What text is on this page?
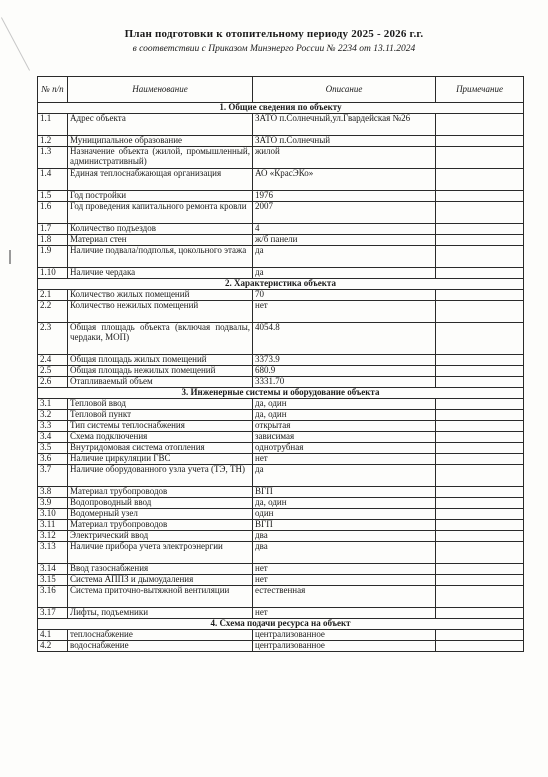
План подготовки к отопительному периоду 2025 - 2026 г.г.
в соответствии с Приказом Минэнерго России № 2234 от 13.11.2024
№ п/п	Наименование	Описание	Примечание
1. Общие сведения по объекту			
1.1	Адрес объекта	ЗАТО п.Солнечный,ул.Гвардейская №26	
1.2	Муниципальное образование	ЗАТО п.Солнечный	
1.3	Назначение объекта (жилой, промышленный, административный)	жилой	
1.4	Единая теплоснабжающая организация	АО «КрасЭКо»	
1.5	Год постройки	1976	
1.6	Год проведения капитального ремонта кровли	2007	
1.7	Количество подъездов	4	
1.8	Материал стен	ж/б панели	
1.9	Наличие подвала/подполья, цокольного этажа	да	
1.10	Наличие чердака	да	
2. Характеристика объекта			
2.1	Количество жилых помещений	70	
2.2	Количество нежилых помещений	нет	
2.3	Общая площадь объекта (включая подвалы, чердаки, МОП)	4054.8	
2.4	Общая площадь жилых помещений	3373.9	
2.5	Общая площадь нежилых помещений	680.9	
2.6	Отапливаемый объем	3331.70	
3. Инженерные системы и оборудование объекта			
3.1	Тепловой ввод	да, один	
3.2	Тепловой пункт	да, один	
3.3	Тип системы теплоснабжения	открытая	
3.4	Схема подключения	зависимая	
3.5	Внутридомовая система отопления	однотрубная	
3.6	Наличие циркуляции ГВС	нет	
3.7	Наличие оборудованного узла учета (ТЭ, ТН)	да	
3.8	Материал трубопроводов	ВГП	
3.9	Водопроводный ввод	да, один	
3.10	Водомерный узел	один	
3.11	Материал трубопроводов	ВГП	
3.12	Электрический ввод	два	
3.13	Наличие прибора учета электроэнергии	два	
3.14	Ввод газоснабжения	нет	
3.15	Система АППЗ и дымоудаления	нет	
3.16	Система приточно-вытяжной вентиляции	естественная	
3.17	Лифты, подъемники	нет	
4. Схема подачи ресурса на объект			
4.1	теплоснабжение	централизованное	
4.2	водоснабжение	централизованное	
